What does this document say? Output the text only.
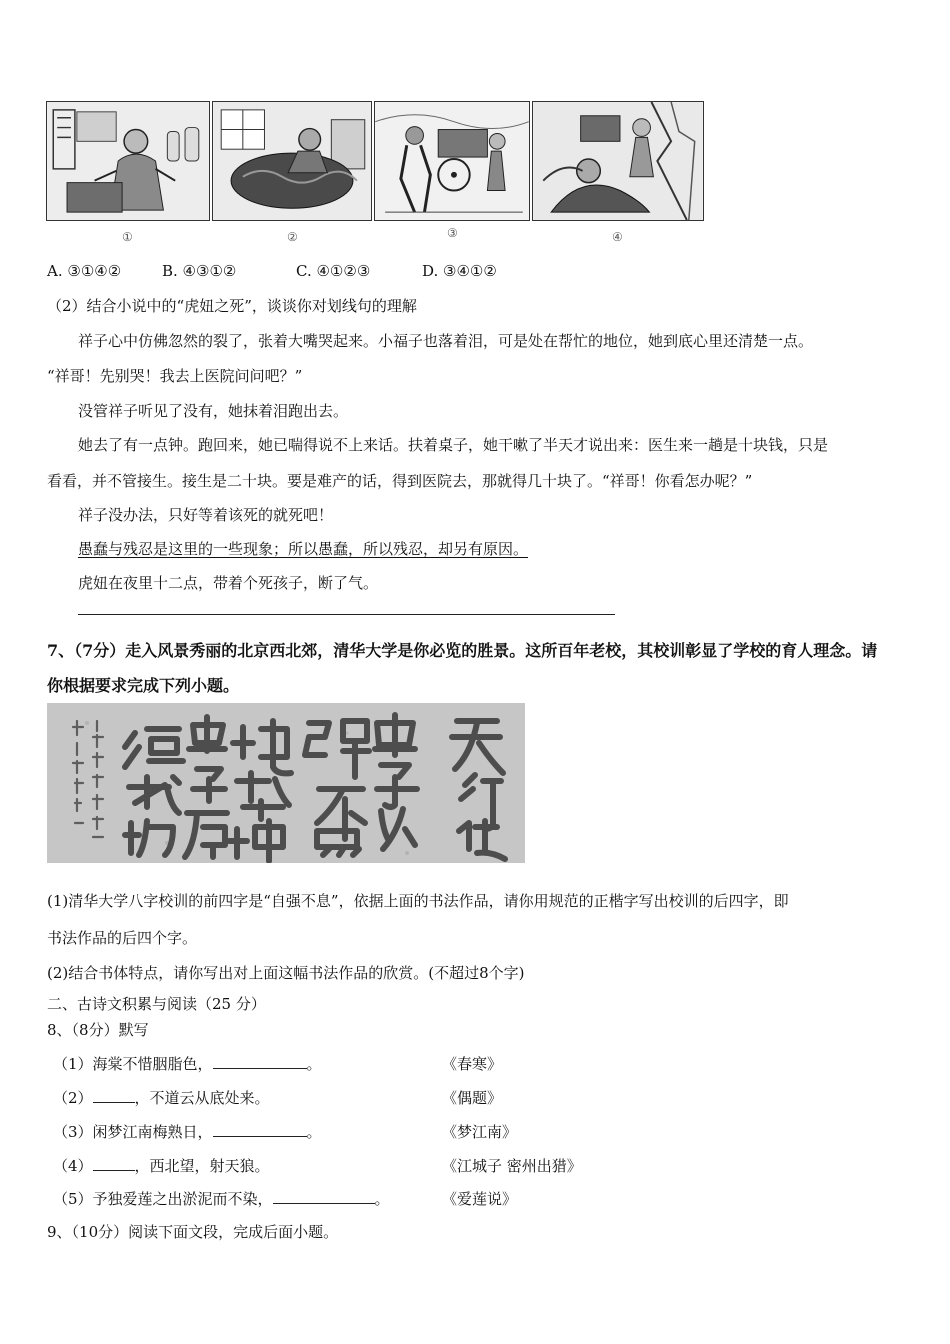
①	②	③	④
A. ③①④②	B. ④③①②	C. ④①②③	D. ③④①②
（2）结合小说中的“虎妞之死”，谈谈你对划线句的理解
祥子心中仿佛忽然的裂了，张着大嘴哭起来。小福子也落着泪，可是处在帮忙的地位，她到底心里还清楚一点。
“祥哥！先别哭！我去上医院问问吧？”
没管祥子听见了没有，她抹着泪跑出去。
她去了有一点钟。跑回来，她已喘得说不上来话。扶着桌子，她干嗽了半天才说出来：医生来一趟是十块钱，只是
看看，并不管接生。接生是二十块。要是难产的话，得到医院去，那就得几十块了。“祥哥！你看怎办呢？”
祥子没办法，只好等着该死的就死吧！
愚蠢与残忍是这里的一些现象；所以愚蠢，所以残忍，却另有原因。
虎妞在夜里十二点，带着个死孩子，断了气。
7、（7分）走入风景秀丽的北京西北郊，清华大学是你必览的胜景。这所百年老校，其校训彰显了学校的育人理念。请
你根据要求完成下列小题。
(1)清华大学八字校训的前四字是“自强不息”，依据上面的书法作品，请你用规范的正楷字写出校训的后四字，即
书法作品的后四个字。
(2)结合书体特点，请你写出对上面这幅书法作品的欣赏。(不超过8个字)
二、古诗文积累与阅读（25 分）
8、（8分）默写
（1）海棠不惜胭脂色，	。	《春寒》
（2）	，不道云从底处来。	《偶题》
（3）闲梦江南梅熟日，	。	《梦江南》
（4）	，西北望，射天狼。	《江城子 密州出猎》
（5）予独爱莲之出淤泥而不染，	。	《爱莲说》
9、（10分）阅读下面文段，完成后面小题。
